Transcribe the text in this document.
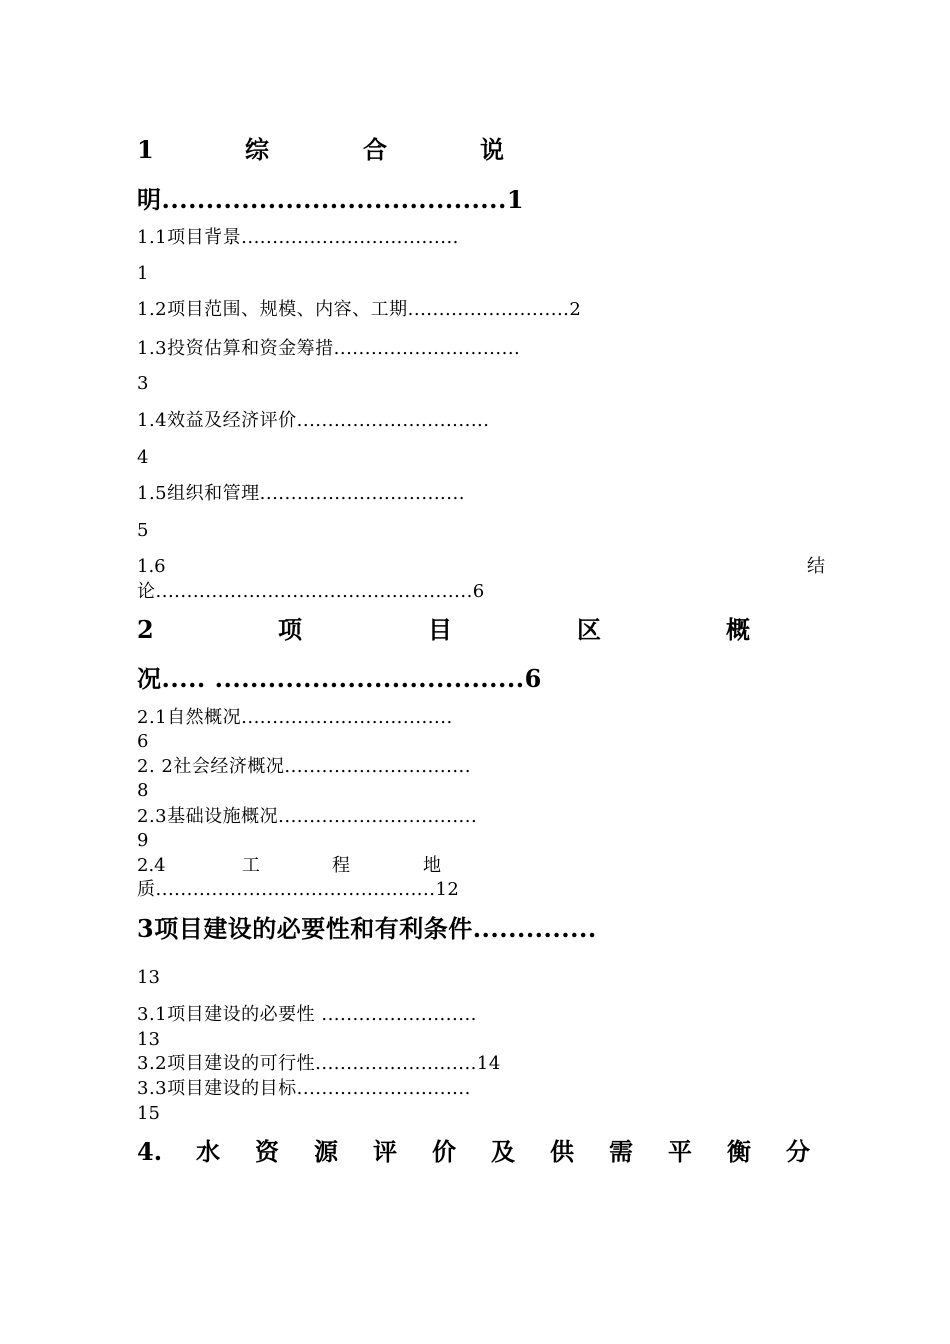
1	综	合	说
明.......................................1
1.1项目背景...................................
1
1.2项目范围、规模、内容、工期..........................2
1.3投资估算和资金筹措..............................
3
1.4效益及经济评价...............................
4
1.5组织和管理.................................
5
1.6	结
论...................................................6
2	项	目	区	概
况..... ...................................6
2.1自然概况..................................
6
2. 2社会经济概况..............................
8
2.3基础设施概况................................
9
2.4	工	程	地
质.............................................12
3项目建设的必要性和有利条件..............
13
3.1项目建设的必要性 .........................
13
3.2项目建设的可行性..........................14
3.3项目建设的目标............................
15
4. 水 资 源 评 价 及 供 需 平 衡 分
